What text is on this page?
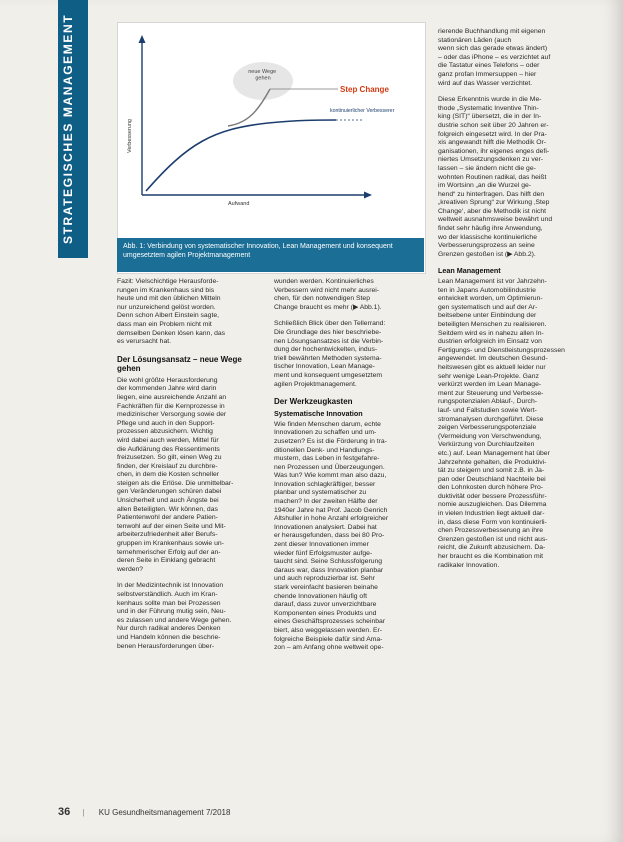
STRATEGISCHES MANAGEMENT	neue Wege gehen
Step Change
kontinuierlicher Verbesserer
Verbesserung
Aufwand
Abb. 1: Verbindung von systematischer Innovation, Lean Management und konsequent umgesetztem agilen Projektmanagement

Fazit: Vielschichtige Herausforde-
rungen im Krankenhaus sind bis
heute und mit den üblichen Mitteln
nur unzureichend gelöst worden.
Denn schon Albert Einstein sagte,
dass man ein Problem nicht mit
demselben Denken lösen kann, das
es verursacht hat.

Der Lösungsansatz – neue Wege gehen

Die wohl größte Herausforderung
der kommenden Jahre wird darin
liegen, eine ausreichende Anzahl an
Fachkräften für die Kernprozesse in
medizinischer Versorgung sowie der
Pflege und auch in den Support-
prozessen abzusichern. Wichtig
wird dabei auch werden, Mittel für
die Aufklärung des Ressentiments
freizusetzen. So gilt, einen Weg zu
finden, der Kreislauf zu durchbre-
chen, in dem die Kosten schneller
steigen als die Erlöse. Die unmittelbar-
gen Veränderungen schüren dabei
Unsicherheit und auch Ängste bei
allen Beteiligten. Wir können, das
Patientenwohl der andere Patien-
tenwohl auf der einen Seite und Mit-
arbeiterzufriedenheit aller Berufs-
gruppen im Krankenhaus sowie un-
ternehmerischer Erfolg auf der an-
deren Seite in Einklang gebracht
werden?

In der Medizintechnik ist Innovation
selbstverständlich. Auch im Kran-
kenhaus sollte man bei Prozessen
und in der Führung mutig sein, Neu-
es zulassen und andere Wege gehen.
Nur durch radikal anderes Denken
und Handeln können die beschrie-
benen Herausforderungen über-

wunden werden. Kontinuierliches
Verbessern wird nicht mehr ausrei-
chen, für den notwendigen Step
Change braucht es mehr (▶ Abb.1).

Schließlich Blick über den Tellerrand:
Die Grundlage des hier beschriebe-
nen Lösungsansatzes ist die Verbin-
dung der hochentwickelten, indus-
triell bewährten Methoden systema-
tischer Innovation, Lean Manage-
ment und konsequent umgesetztem
agilen Projektmanagement.

Der Werkzeugkasten
Systematische Innovation

Wie finden Menschen darum, echte
Innovationen zu schaffen und um-
zusetzen? Es ist die Förderung in tra-
ditionellen Denk- und Handlungs-
mustern, das Leben in festgefahre-
nen Prozessen und Überzeugungen.
Was tun? Wie kommt man also dazu,
Innovation schlagkräftiger, besser
planbar und systematischer zu
machen? In der zweiten Hälfte der
1940er Jahre hat Prof. Jacob Genrich
Altshuller in hohe Anzahl erfolgreicher
Innovationen analysiert. Dabei hat
er herausgefunden, dass bei 80 Pro-
zent dieser Innovationen immer
wieder fünf Erfolgsmuster aufge-
taucht sind. Seine Schlussfolgerung
daraus war, dass Innovation planbar
und auch reproduzierbar ist. Sehr
stark vereinfacht basieren beinahe
chende Innovationen häufig oft
darauf, dass zuvor unverzichtbare
Komponenten eines Produkts und
eines Geschäftsprozesses scheinbar
biert, also weggelassen werden. Er-
folgreiche Beispiele dafür sind Ama-
zon – am Anfang ohne weltweit ope-

rierende Buchhandlung mit eigenen
stationären Läden (auch
wenn sich das gerade etwas ändert)
– oder das iPhone – es verzichtet auf
die Tastatur eines Telefons – oder
ganz profan Immersuppen – hier
wird auf das Wasser verzichtet.

Diese Erkenntnis wurde in die Me-
thode „Systematic Inventive Thin-
king (SIT)“ übersetzt, die in der In-
dustrie schon seit über 20 Jahren er-
folgreich eingesetzt wird. In der Pra-
xis angewandt hilft die Methodik Or-
ganisationen, ihr eigenes enges defi-
niertes Umsetzungsdenken zu ver-
lassen – sie ändern nicht die ge-
wohnten Routinen radikal, das heißt
im Wortsinn „an die Wurzel ge-
hend“ zu hinterfragen. Das hilft den
„kreativen Sprung“ zur Wirkung ‚Step
Change‘, aber die Methodik ist nicht
weltweit ausnahmsweise bewährt und
findet sehr häufig ihre Anwendung,
wo der klassische kontinuierliche
Verbesserungsprozess an seine
Grenzen gestoßen ist (▶ Abb.2).

Lean Management

Lean Management ist vor Jahrzehn-
ten in Japans Automobilindustrie
entwickelt worden, um Optimierun-
gen systematisch und auf der Ar-
beitsebene unter Einbindung der
beteiligten Menschen zu realisieren.
Seitdem wird es in nahezu allen In-
dustrien erfolgreich im Einsatz von
Fertigungs- und Dienstleistungsprozessen
angewendet. Im deutschen Gesund-
heitswesen gibt es aktuell leider nur
sehr wenige Lean-Projekte. Ganz
verkürzt werden im Lean Manage-
ment zur Steuerung und Verbesse-
rungspotenzialen Ablauf-, Durch-
lauf- und Fallstudien sowie Wert-
stromanalysen durchgeführt. Diese
zeigen Verbesserungspotenziale
(Vermeidung von Verschwendung,
Verkürzung von Durchlaufzeiten
etc.) auf. Lean Management hat über
Jahrzehnte gehalten, die Produktivi-
tät zu steigern und somit z.B. in Ja-
pan oder Deutschland Nachteile bei
den Lohnkosten durch höhere Pro-
duktivität oder bessere Prozessführ-
nomie auszugleichen. Das Dilemma
in vielen Industrien liegt aktuell dar-
in, dass diese Form von kontinuierli-
chen Prozessverbesserung an ihre
Grenzen gestoßen ist und nicht aus-
reicht, die Zukunft abzusichern. Da-
her braucht es die Kombination mit
radikaler Innovation.

36 | KU Gesundheitsmanagement 7/2018
